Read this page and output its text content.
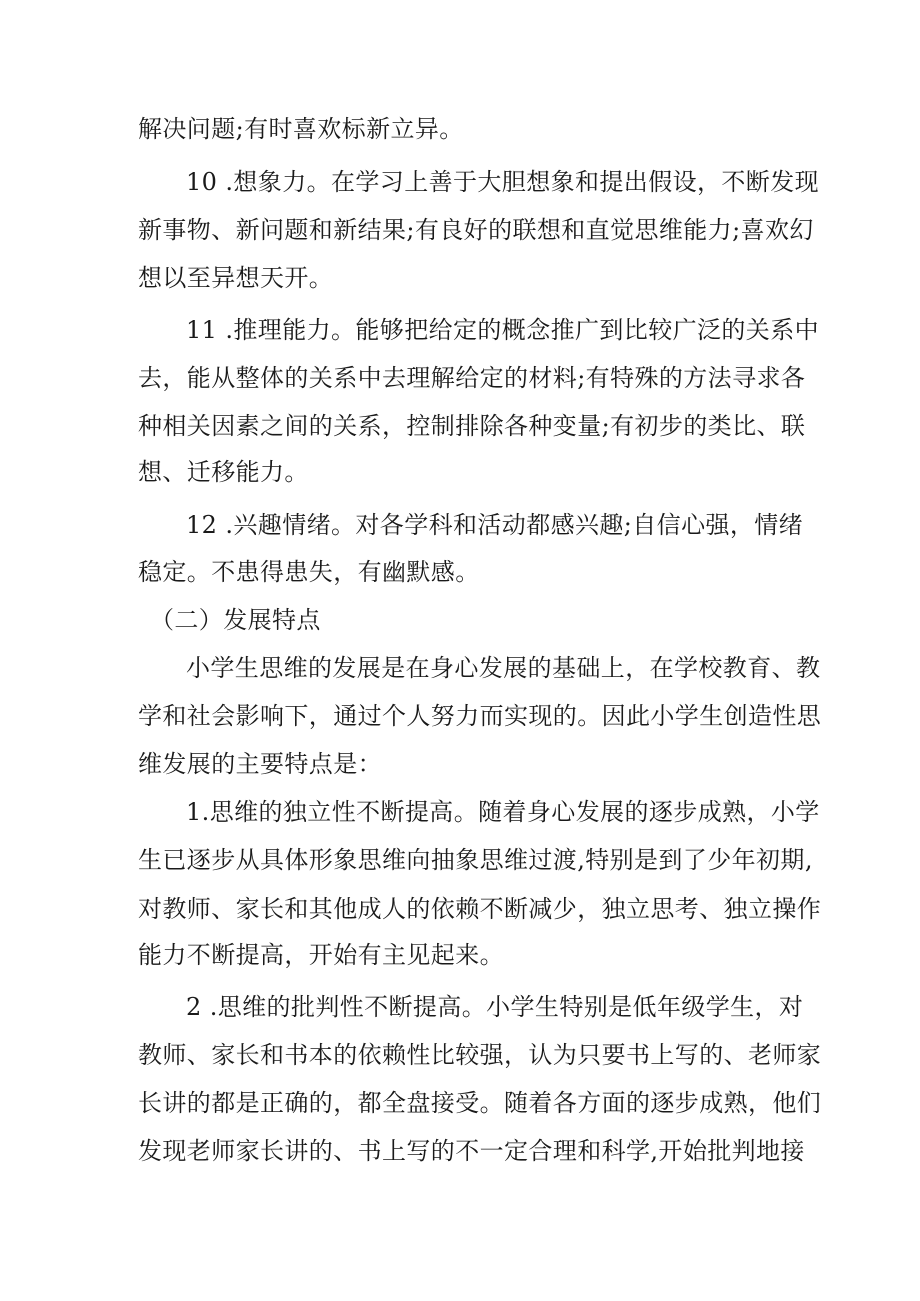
解决问题;有时喜欢标新立异。
10 .想象力。在学习上善于大胆想象和提出假设，不断发现
新事物、新问题和新结果;有良好的联想和直觉思维能力;喜欢幻
想以至异想天开。
11 .推理能力。能够把给定的概念推广到比较广泛的关系中
去，能从整体的关系中去理解给定的材料;有特殊的方法寻求各
种相关因素之间的关系，控制排除各种变量;有初步的类比、联
想、迁移能力。
12 .兴趣情绪。对各学科和活动都感兴趣;自信心强，情绪
稳定。不患得患失，有幽默感。
（二）发展特点
小学生思维的发展是在身心发展的基础上，在学校教育、教
学和社会影响下，通过个人努力而实现的。因此小学生创造性思
维发展的主要特点是：
1.思维的独立性不断提高。随着身心发展的逐步成熟，小学
生已逐步从具体形象思维向抽象思维过渡,特别是到了少年初期,
对教师、家长和其他成人的依赖不断减少，独立思考、独立操作
能力不断提高，开始有主见起来。
2 .思维的批判性不断提高。小学生特别是低年级学生，对
教师、家长和书本的依赖性比较强，认为只要书上写的、老师家
长讲的都是正确的，都全盘接受。随着各方面的逐步成熟，他们
发现老师家长讲的、书上写的不一定合理和科学,开始批判地接
